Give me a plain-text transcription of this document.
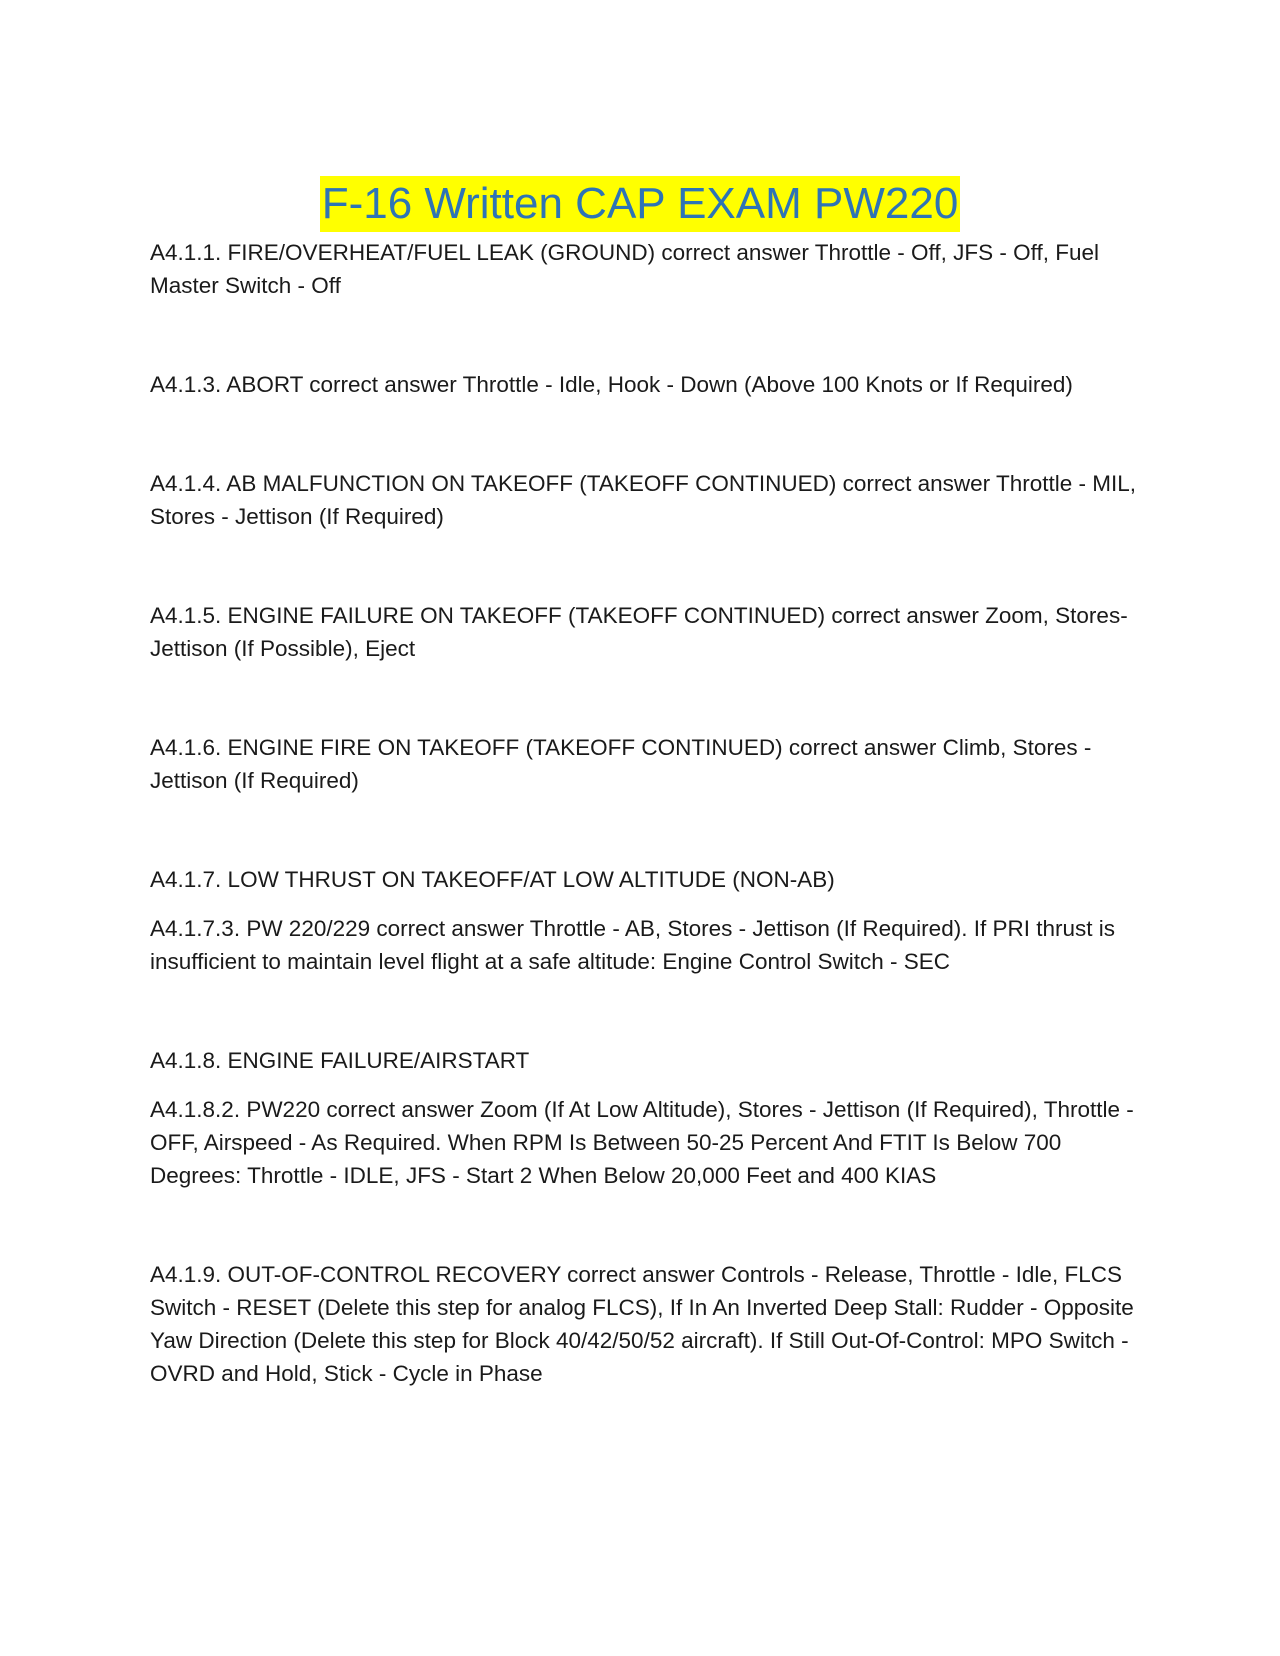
F-16 Written CAP EXAM PW220

A4.1.1. FIRE/OVERHEAT/FUEL LEAK (GROUND) correct answer Throttle - Off, JFS - Off, Fuel Master Switch - Off

A4.1.3. ABORT correct answer Throttle - Idle, Hook - Down (Above 100 Knots or If Required)

A4.1.4. AB MALFUNCTION ON TAKEOFF (TAKEOFF CONTINUED) correct answer Throttle - MIL, Stores - Jettison (If Required)

A4.1.5. ENGINE FAILURE ON TAKEOFF (TAKEOFF CONTINUED) correct answer Zoom, Stores-Jettison (If Possible), Eject

A4.1.6. ENGINE FIRE ON TAKEOFF (TAKEOFF CONTINUED) correct answer Climb, Stores - Jettison (If Required)

A4.1.7. LOW THRUST ON TAKEOFF/AT LOW ALTITUDE (NON-AB)

A4.1.7.3. PW 220/229 correct answer Throttle - AB, Stores - Jettison (If Required). If PRI thrust is insufficient to maintain level flight at a safe altitude: Engine Control Switch - SEC

A4.1.8. ENGINE FAILURE/AIRSTART

A4.1.8.2. PW220 correct answer Zoom (If At Low Altitude), Stores - Jettison (If Required), Throttle - OFF, Airspeed - As Required. When RPM Is Between 50-25 Percent And FTIT Is Below 700 Degrees: Throttle - IDLE, JFS - Start 2 When Below 20,000 Feet and 400 KIAS

A4.1.9. OUT-OF-CONTROL RECOVERY correct answer Controls - Release, Throttle - Idle, FLCS Switch - RESET (Delete this step for analog FLCS), If In An Inverted Deep Stall: Rudder - Opposite Yaw Direction (Delete this step for Block 40/42/50/52 aircraft). If Still Out-Of-Control: MPO Switch - OVRD and Hold, Stick - Cycle in Phase
